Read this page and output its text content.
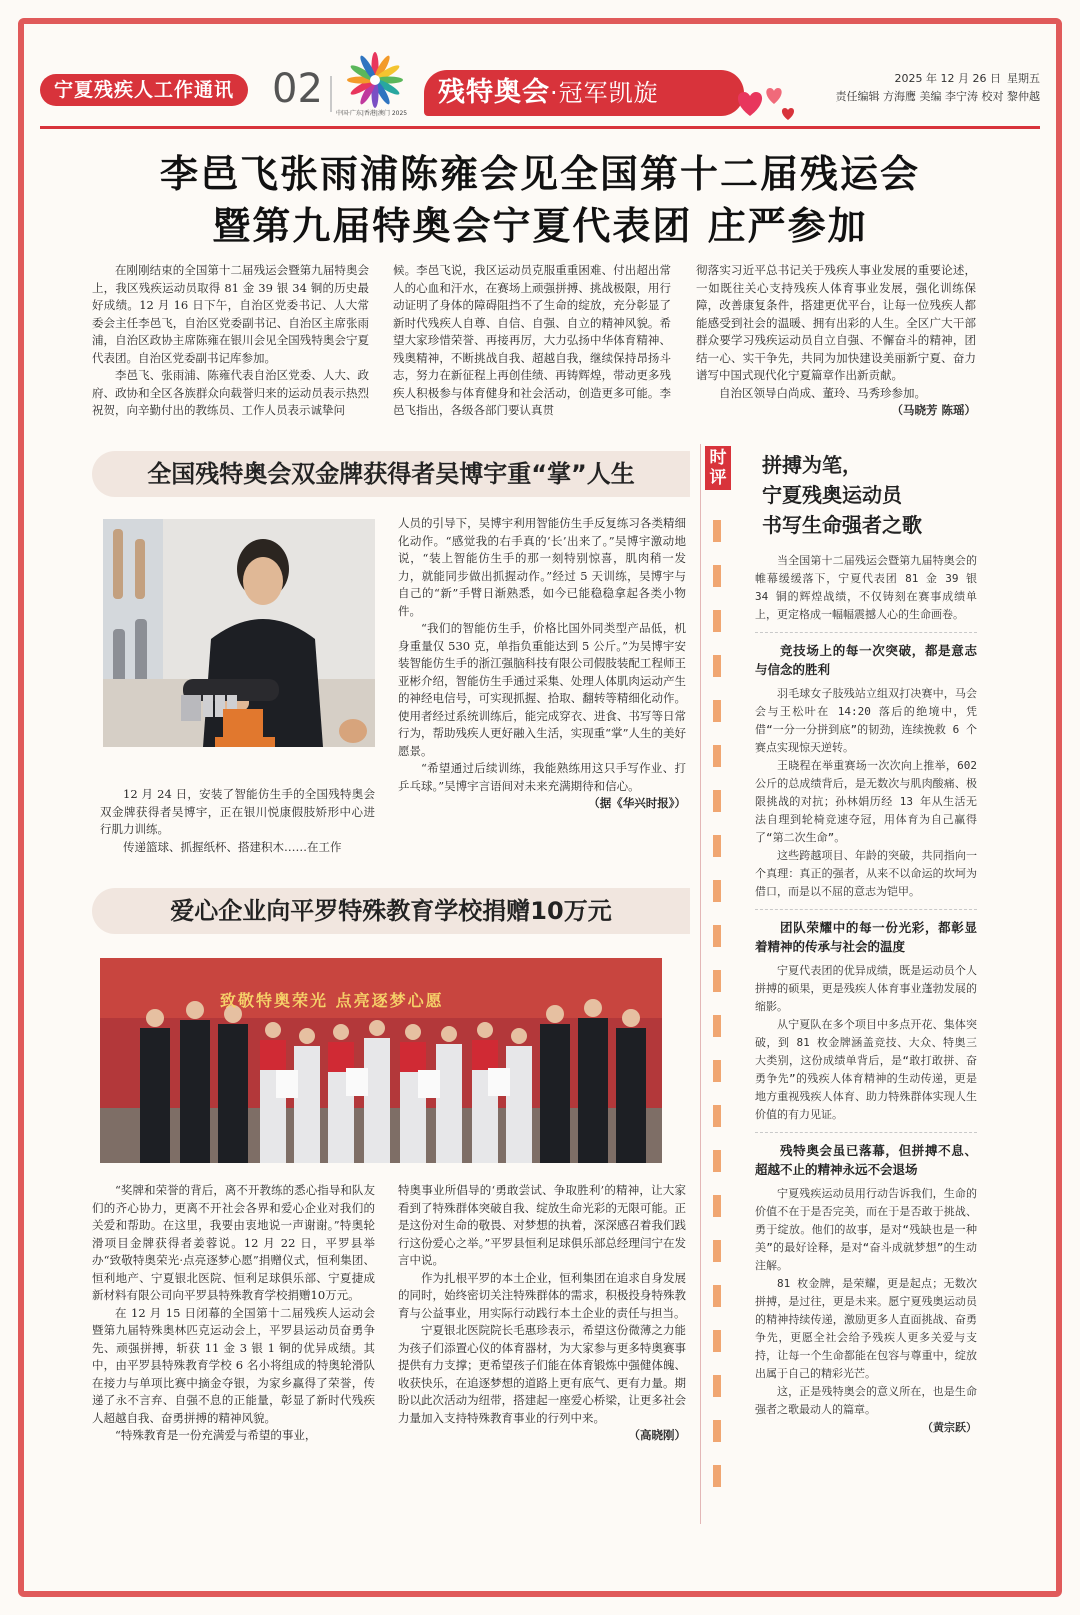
宁夏残疾人工作通讯 02
中国·广东|香港|澳门 2025
残特奥会·冠军凯旋
2025 年 12 月 26 日 星期五
责任编辑 方海鹰 美编 李宁涛 校对 黎仲越
李邑飞张雨浦陈雍会见全国第十二届残运会
暨第九届特奥会宁夏代表团 庄严参加

在刚刚结束的全国第十二届残运会暨第九届特奥会上，我区残疾运动员取得 81 金 39 银 34 铜的历史最好成绩。12 月 16 日下午，自治区党委书记、人大常委会主任李邑飞，自治区党委副书记、自治区主席张雨浦，自治区政协主席陈雍在银川会见全国残特奥会宁夏代表团。自治区党委副书记库参加。

李邑飞、张雨浦、陈雍代表自治区党委、人大、政府、政协和全区各族群众向载誉归来的运动员表示热烈祝贺，向辛勤付出的教练员、工作人员表示诚挚问

候。李邑飞说，我区运动员克服重重困难、付出超出常人的心血和汗水，在赛场上顽强拼搏、挑战极限，用行动证明了身体的障碍阻挡不了生命的绽放，充分彰显了新时代残疾人自尊、自信、自强、自立的精神风貌。希望大家珍惜荣誉、再接再厉，大力弘扬中华体育精神、残奥精神，不断挑战自我、超越自我，继续保持昂扬斗志，努力在新征程上再创佳绩、再铸辉煌，带动更多残疾人积极参与体育健身和社会活动，创造更多可能。李邑飞指出，各级各部门要认真贯

彻落实习近平总书记关于残疾人事业发展的重要论述，一如既往关心支持残疾人体育事业发展，强化训练保障，改善康复条件，搭建更优平台，让每一位残疾人都能感受到社会的温暖、拥有出彩的人生。全区广大干部群众要学习残疾运动员自立自强、不懈奋斗的精神，团结一心、实干争先，共同为加快建设美丽新宁夏、奋力谱写中国式现代化宁夏篇章作出新贡献。

自治区领导白尚成、董玲、马秀珍参加。

（马晓芳 陈瑶）
全国残特奥会双金牌获得者吴博宇重“掌”人生

12 月 24 日，安装了智能仿生手的全国残特奥会双金牌获得者吴博宇，正在银川悦康假肢矫形中心进行肌力训练。

传递篮球、抓握纸杯、搭建积木……在工作

人员的引导下，吴博宇利用智能仿生手反复练习各类精细化动作。“感觉我的右手真的‘长’出来了。”吴博宇激动地说，“装上智能仿生手的那一刻特别惊喜，肌肉稍一发力，就能同步做出抓握动作。”经过 5 天训练，吴博宇与自己的“新”手臂日渐熟悉，如今已能稳稳拿起各类小物件。

“我们的智能仿生手，价格比国外同类型产品低，机身重量仅 530 克，单指负重能达到 5 公斤。”为吴博宇安装智能仿生手的浙江强脑科技有限公司假肢装配工程师王亚彬介绍，智能仿生手通过采集、处理人体肌肉运动产生的神经电信号，可实现抓握、拾取、翻转等精细化动作。使用者经过系统训练后，能完成穿衣、进食、书写等日常行为，帮助残疾人更好融入生活，实现重“掌”人生的美好愿景。

“希望通过后续训练，我能熟练用这只手写作业、打乒乓球。”吴博宇言语间对未来充满期待和信心。

（据《华兴时报》）
爱心企业向平罗特殊教育学校捐赠10万元
致敬特奥荣光 点亮逐梦心愿

“奖牌和荣誉的背后，离不开教练的悉心指导和队友们的齐心协力，更离不开社会各界和爱心企业对我们的关爱和帮助。在这里，我要由衷地说一声谢谢。”特奥轮滑项目金牌获得者姜蓉说。12 月 22 日，平罗县举办“致敬特奥荣光·点亮逐梦心愿”捐赠仪式，恒利集团、恒利地产、宁夏银北医院、恒利足球俱乐部、宁夏捷成新材料有限公司向平罗县特殊教育学校捐赠10万元。

在 12 月 15 日闭幕的全国第十二届残疾人运动会暨第九届特殊奥林匹克运动会上，平罗县运动员奋勇争先、顽强拼搏，斩获 11 金 3 银 1 铜的优异成绩。其中，由平罗县特殊教育学校 6 名小将组成的特奥轮滑队在接力与单项比赛中摘金夺银，为家乡赢得了荣誉，传递了永不言弃、自强不息的正能量，彰显了新时代残疾人超越自我、奋勇拼搏的精神风貌。

“特殊教育是一份充满爱与希望的事业，

特奥事业所倡导的‘勇敢尝试、争取胜利’的精神，让大家看到了特殊群体突破自我、绽放生命光彩的无限可能。正是这份对生命的敬畏、对梦想的执着，深深感召着我们践行这份爱心之举。”平罗县恒利足球俱乐部总经理闫宁在发言中说。

作为扎根平罗的本土企业，恒利集团在追求自身发展的同时，始终密切关注特殊群体的需求，积极投身特殊教育与公益事业，用实际行动践行本土企业的责任与担当。

宁夏银北医院院长毛惠珍表示，希望这份微薄之力能为孩子们添置心仪的体育器材，为大家参与更多特奥赛事提供有力支撑；更希望孩子们能在体育锻炼中强健体魄、收获快乐，在追逐梦想的道路上更有底气、更有力量。期盼以此次活动为纽带，搭建起一座爱心桥梁，让更多社会力量加入支持特殊教育事业的行列中来。

（高晓刚）
时评
拼搏为笔，
宁夏残奥运动员
书写生命强者之歌

当全国第十二届残运会暨第九届特奥会的帷幕缓缓落下，宁夏代表团 81 金 39 银 34 铜的辉煌战绩，不仅铸刻在赛事成绩单上，更定格成一幅幅震撼人心的生命画卷。

竞技场上的每一次突破，都是意志与信念的胜利

羽毛球女子肢残站立组双打决赛中，马会会与王松叶在 14:20 落后的绝境中，凭借“一分一分拼到底”的韧劲，连续挽救 6 个赛点实现惊天逆转。

王晓程在举重赛场一次次向上推举，602 公斤的总成绩背后，是无数次与肌肉酸痛、极限挑战的对抗；孙林娟历经 13 年从生活无法自理到轮椅竞速夺冠，用体育为自己赢得了“第二次生命”。

这些跨越项目、年龄的突破，共同指向一个真理：真正的强者，从来不以命运的坎坷为借口，而是以不屈的意志为铠甲。

团队荣耀中的每一份光彩，都彰显着精神的传承与社会的温度

宁夏代表团的优异成绩，既是运动员个人拼搏的硕果，更是残疾人体育事业蓬勃发展的缩影。

从宁夏队在多个项目中多点开花、集体突破，到 81 枚金牌涵盖竞技、大众、特奥三大类别，这份成绩单背后，是“敢打敢拼、奋勇争先”的残疾人体育精神的生动传递，更是地方重视残疾人体育、助力特殊群体实现人生价值的有力见证。

残特奥会虽已落幕，但拼搏不息、超越不止的精神永远不会退场

宁夏残疾运动员用行动告诉我们，生命的价值不在于是否完美，而在于是否敢于挑战、勇于绽放。他们的故事，是对“残缺也是一种美”的最好诠释，是对“奋斗成就梦想”的生动注解。

81 枚金牌，是荣耀，更是起点；无数次拼搏，是过往，更是未来。愿宁夏残奥运动员的精神持续传递，激励更多人直面挑战、奋勇争先，更愿全社会给予残疾人更多关爱与支持，让每一个生命都能在包容与尊重中，绽放出属于自己的精彩光芒。

这，正是残特奥会的意义所在，也是生命强者之歌最动人的篇章。

（黄宗跃）
